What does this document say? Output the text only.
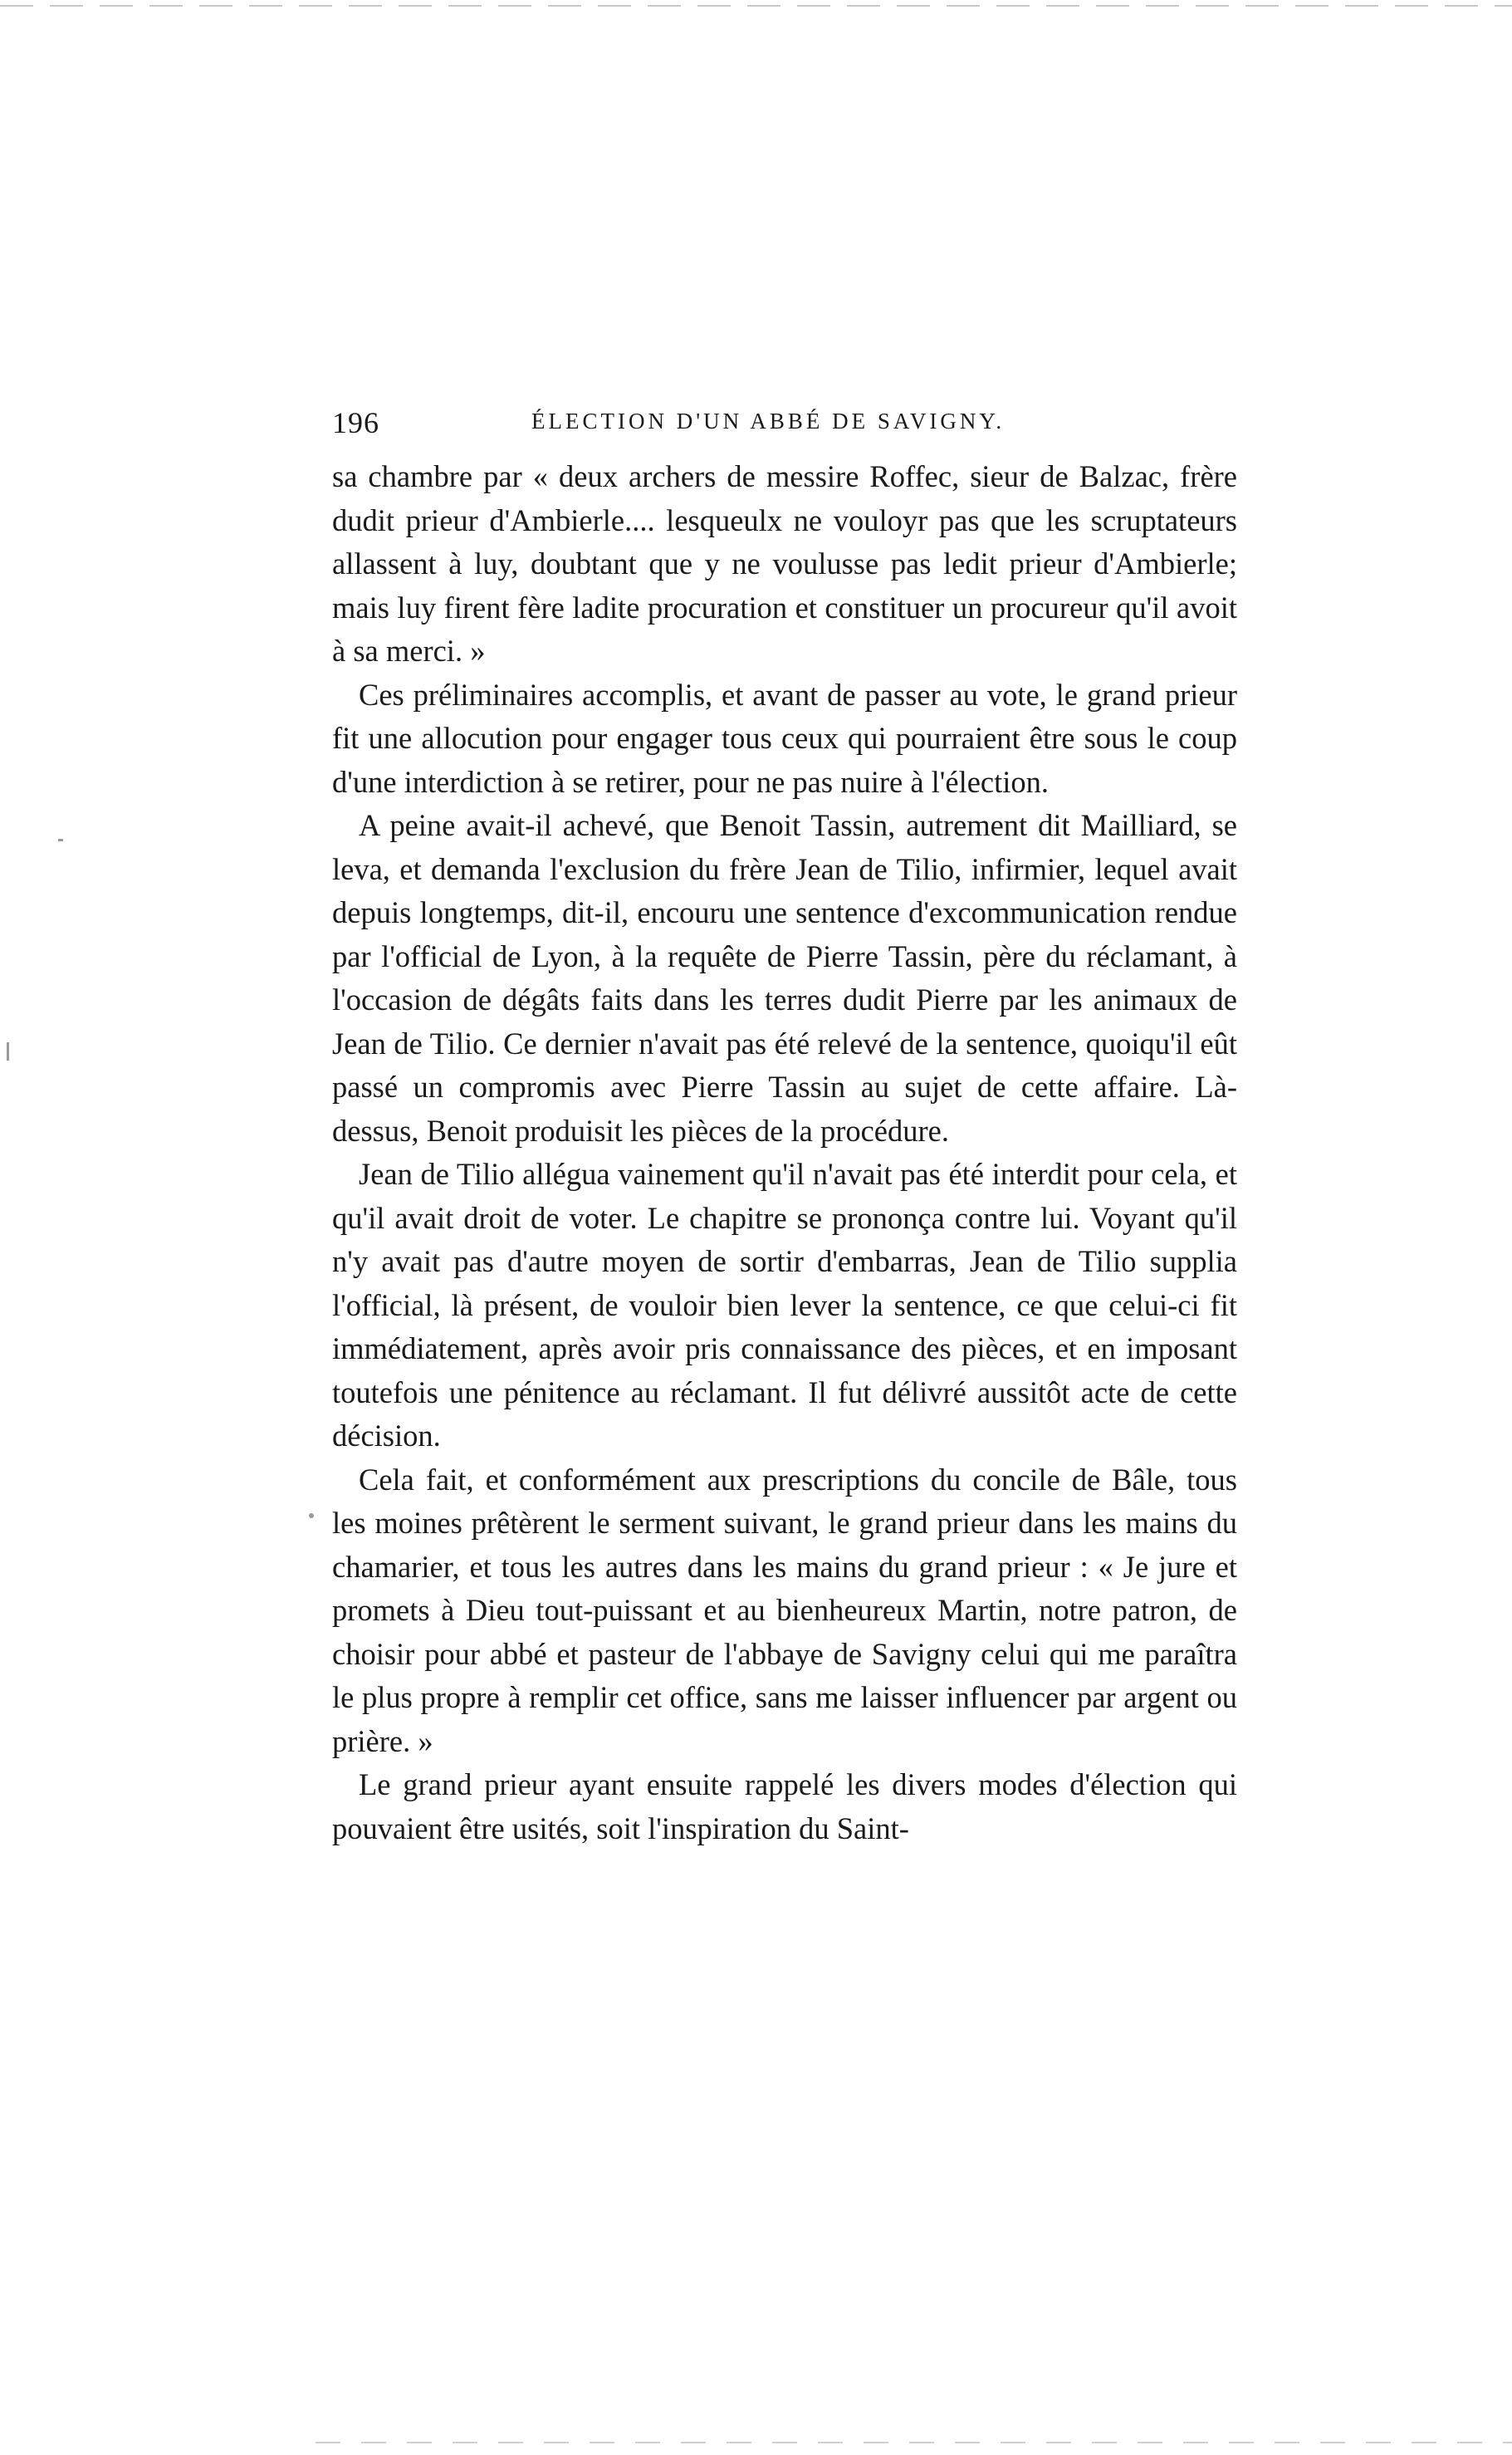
196	ÉLECTION D'UN ABBÉ DE SAVIGNY.

sa chambre par « deux archers de messire Roffec, sieur de Balzac, frère dudit prieur d'Ambierle.... lesqueulx ne vouloyr pas que les scruptateurs allassent à luy, doubtant que y ne voulusse pas ledit prieur d'Ambierle; mais luy firent fère ladite procuration et constituer un procureur qu'il avoit à sa merci. »

Ces préliminaires accomplis, et avant de passer au vote, le grand prieur fit une allocution pour engager tous ceux qui pourraient être sous le coup d'une interdiction à se retirer, pour ne pas nuire à l'élection.

A peine avait-il achevé, que Benoit Tassin, autrement dit Mailliard, se leva, et demanda l'exclusion du frère Jean de Tilio, infirmier, lequel avait depuis longtemps, dit-il, encouru une sentence d'excommunication rendue par l'official de Lyon, à la requête de Pierre Tassin, père du réclamant, à l'occasion de dégâts faits dans les terres dudit Pierre par les animaux de Jean de Tilio. Ce dernier n'avait pas été relevé de la sentence, quoiqu'il eût passé un compromis avec Pierre Tassin au sujet de cette affaire. Là-dessus, Benoit produisit les pièces de la procédure.

Jean de Tilio allégua vainement qu'il n'avait pas été interdit pour cela, et qu'il avait droit de voter. Le chapitre se prononça contre lui. Voyant qu'il n'y avait pas d'autre moyen de sortir d'embarras, Jean de Tilio supplia l'official, là présent, de vouloir bien lever la sentence, ce que celui-ci fit immédiatement, après avoir pris connaissance des pièces, et en imposant toutefois une pénitence au réclamant. Il fut délivré aussitôt acte de cette décision.

Cela fait, et conformément aux prescriptions du concile de Bâle, tous les moines prêtèrent le serment suivant, le grand prieur dans les mains du chamarier, et tous les autres dans les mains du grand prieur : « Je jure et promets à Dieu tout-puissant et au bienheureux Martin, notre patron, de choisir pour abbé et pasteur de l'abbaye de Savigny celui qui me paraîtra le plus propre à remplir cet office, sans me laisser influencer par argent ou prière. »

Le grand prieur ayant ensuite rappelé les divers modes d'élection qui pouvaient être usités, soit l'inspiration du Saint-
